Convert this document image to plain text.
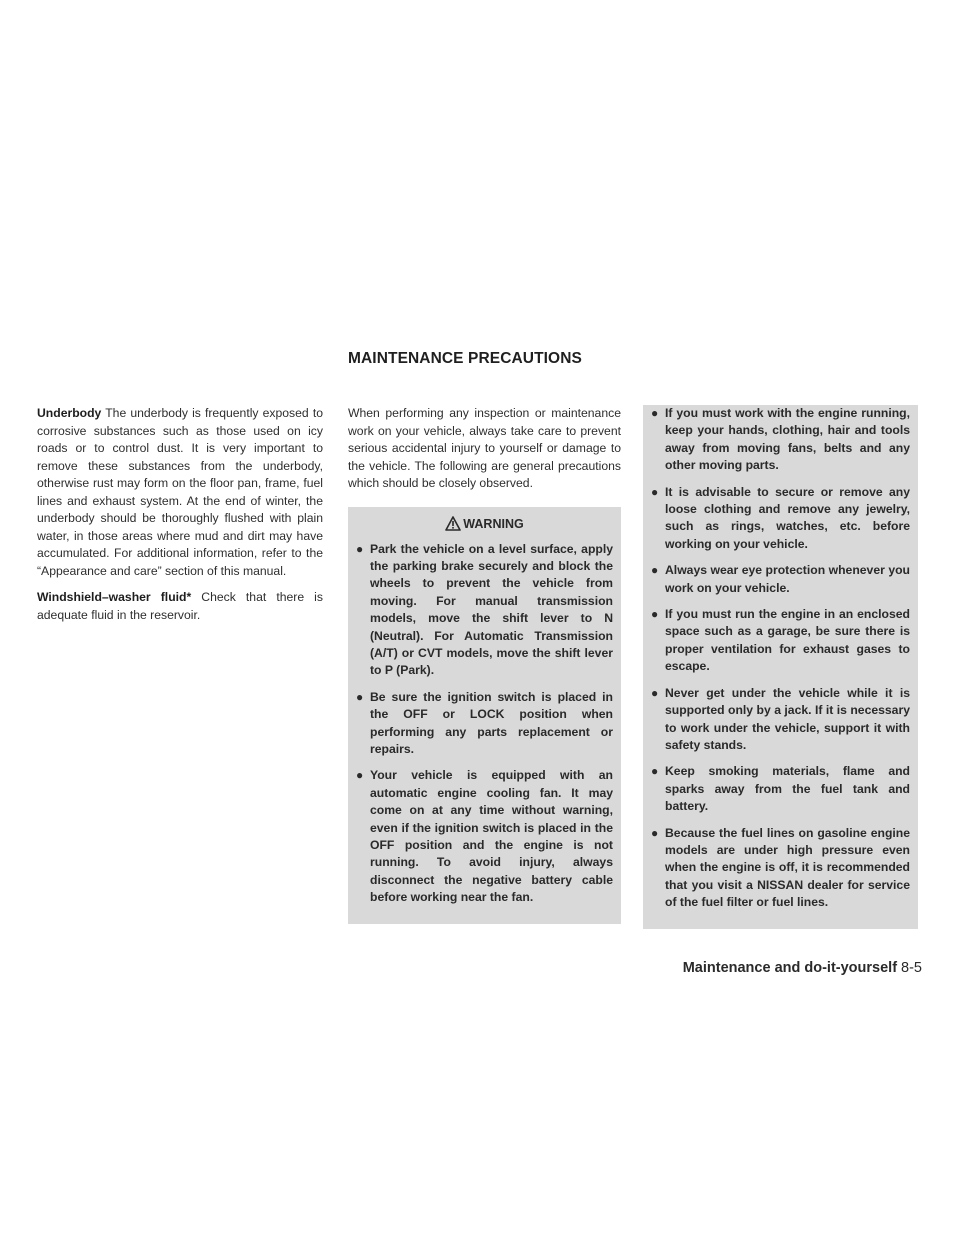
MAINTENANCE PRECAUTIONS

Underbody The underbody is frequently exposed to corrosive substances such as those used on icy roads or to control dust. It is very important to remove these substances from the underbody, otherwise rust may form on the floor pan, frame, fuel lines and exhaust system. At the end of winter, the underbody should be thoroughly flushed with plain water, in those areas where mud and dirt may have accumulated. For additional information, refer to the “Appearance and care” section of this manual.

Windshield–washer fluid* Check that there is adequate fluid in the reservoir.

When performing any inspection or maintenance work on your vehicle, always take care to prevent serious accidental injury to yourself or damage to the vehicle. The following are general precautions which should be closely observed.

WARNING
● Park the vehicle on a level surface, apply the parking brake securely and block the wheels to prevent the vehicle from moving. For manual transmission models, move the shift lever to N (Neutral). For Automatic Transmission (A/T) or CVT models, move the shift lever to P (Park).
● Be sure the ignition switch is placed in the OFF or LOCK position when performing any parts replacement or repairs.
● Your vehicle is equipped with an automatic engine cooling fan. It may come on at any time without warning, even if the ignition switch is placed in the OFF position and the engine is not running. To avoid injury, always disconnect the negative battery cable before working near the fan.
● If you must work with the engine running, keep your hands, clothing, hair and tools away from moving fans, belts and any other moving parts.
● It is advisable to secure or remove any loose clothing and remove any jewelry, such as rings, watches, etc. before working on your vehicle.
● Always wear eye protection whenever you work on your vehicle.
● If you must run the engine in an enclosed space such as a garage, be sure there is proper ventilation for exhaust gases to escape.
● Never get under the vehicle while it is supported only by a jack. If it is necessary to work under the vehicle, support it with safety stands.
● Keep smoking materials, flame and sparks away from the fuel tank and battery.
● Because the fuel lines on gasoline engine models are under high pressure even when the engine is off, it is recommended that you visit a NISSAN dealer for service of the fuel filter or fuel lines.
Maintenance and do-it-yourself 8-5
